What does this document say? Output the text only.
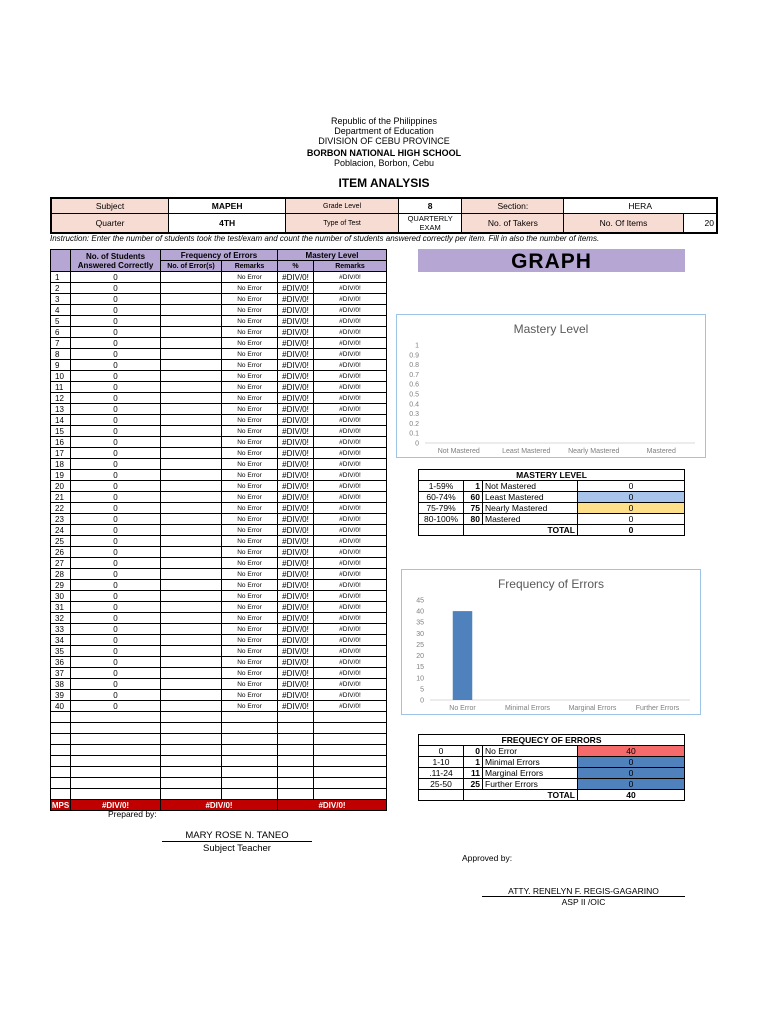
Republic of the Philippines
Department of Education
DIVISION OF CEBU PROVINCE
BORBON NATIONAL HIGH SCHOOL
Poblacion, Borbon, Cebu
ITEM ANALYSIS
Subject	MAPEH	Grade Level	8	Section:	HERA	
Quarter	4TH	Type of Test	QUARTERLY EXAM	No. of Takers	No. Of Items	20
Instruction: Enter the number of students took the test/exam and count the number of students answered correctly per item. Fill in also the number of items.
	No. of Students Answered Correctly	Frequency of Errors		Mastery Level	
		No. of Error(s)	Remarks	%	Remarks
1	0		No Error	#DIV/0!	#DIV/0!
2	0		No Error	#DIV/0!	#DIV/0!
3	0		No Error	#DIV/0!	#DIV/0!
4	0		No Error	#DIV/0!	#DIV/0!
5	0		No Error	#DIV/0!	#DIV/0!
6	0		No Error	#DIV/0!	#DIV/0!
7	0		No Error	#DIV/0!	#DIV/0!
8	0		No Error	#DIV/0!	#DIV/0!
9	0		No Error	#DIV/0!	#DIV/0!
10	0		No Error	#DIV/0!	#DIV/0!
11	0		No Error	#DIV/0!	#DIV/0!
12	0		No Error	#DIV/0!	#DIV/0!
13	0		No Error	#DIV/0!	#DIV/0!
14	0		No Error	#DIV/0!	#DIV/0!
15	0		No Error	#DIV/0!	#DIV/0!
16	0		No Error	#DIV/0!	#DIV/0!
17	0		No Error	#DIV/0!	#DIV/0!
18	0		No Error	#DIV/0!	#DIV/0!
19	0		No Error	#DIV/0!	#DIV/0!
20	0		No Error	#DIV/0!	#DIV/0!
21	0		No Error	#DIV/0!	#DIV/0!
22	0		No Error	#DIV/0!	#DIV/0!
23	0		No Error	#DIV/0!	#DIV/0!
24	0		No Error	#DIV/0!	#DIV/0!
25	0		No Error	#DIV/0!	#DIV/0!
26	0		No Error	#DIV/0!	#DIV/0!
27	0		No Error	#DIV/0!	#DIV/0!
28	0		No Error	#DIV/0!	#DIV/0!
29	0		No Error	#DIV/0!	#DIV/0!
30	0		No Error	#DIV/0!	#DIV/0!
31	0		No Error	#DIV/0!	#DIV/0!
32	0		No Error	#DIV/0!	#DIV/0!
33	0		No Error	#DIV/0!	#DIV/0!
34	0		No Error	#DIV/0!	#DIV/0!
35	0		No Error	#DIV/0!	#DIV/0!
36	0		No Error	#DIV/0!	#DIV/0!
37	0		No Error	#DIV/0!	#DIV/0!
38	0		No Error	#DIV/0!	#DIV/0!
39	0		No Error	#DIV/0!	#DIV/0!
40	0		No Error	#DIV/0!	#DIV/0!

MPS	#DIV/0!	#DIV/0!		#DIV/0!	
GRAPH
Mastery Level
0
0.1
0.2
0.3
0.4
0.5
0.6
0.7
0.8
0.9
1
Not Mastered	Least Mastered	Nearly Mastered	Mastered
MASTERY LEVEL			
1-59%	1	Not Mastered	0
60-74%	60	Least Mastered	0
75-79%	75	Nearly Mastered	0
80-100%	80	Mastered	0
	TOTAL		0
Frequency of Errors
0
5
10
15
20
25
30
35
40
45
No Error	Minimal Errors	Marginal Errors	Further Errors
FREQUECY OF ERRORS			
0	0	No Error	40
1-10	1	Minimal Errors	0
.11-24	11	Marginal Errors	0
25-50	25	Further Errors	0
	TOTAL		40
Prepared by:
MARY ROSE N. TANEO
Subject Teacher
Approved by:
ATTY. RENELYN F. REGIS-GAGARINO
ASP II /OIC
